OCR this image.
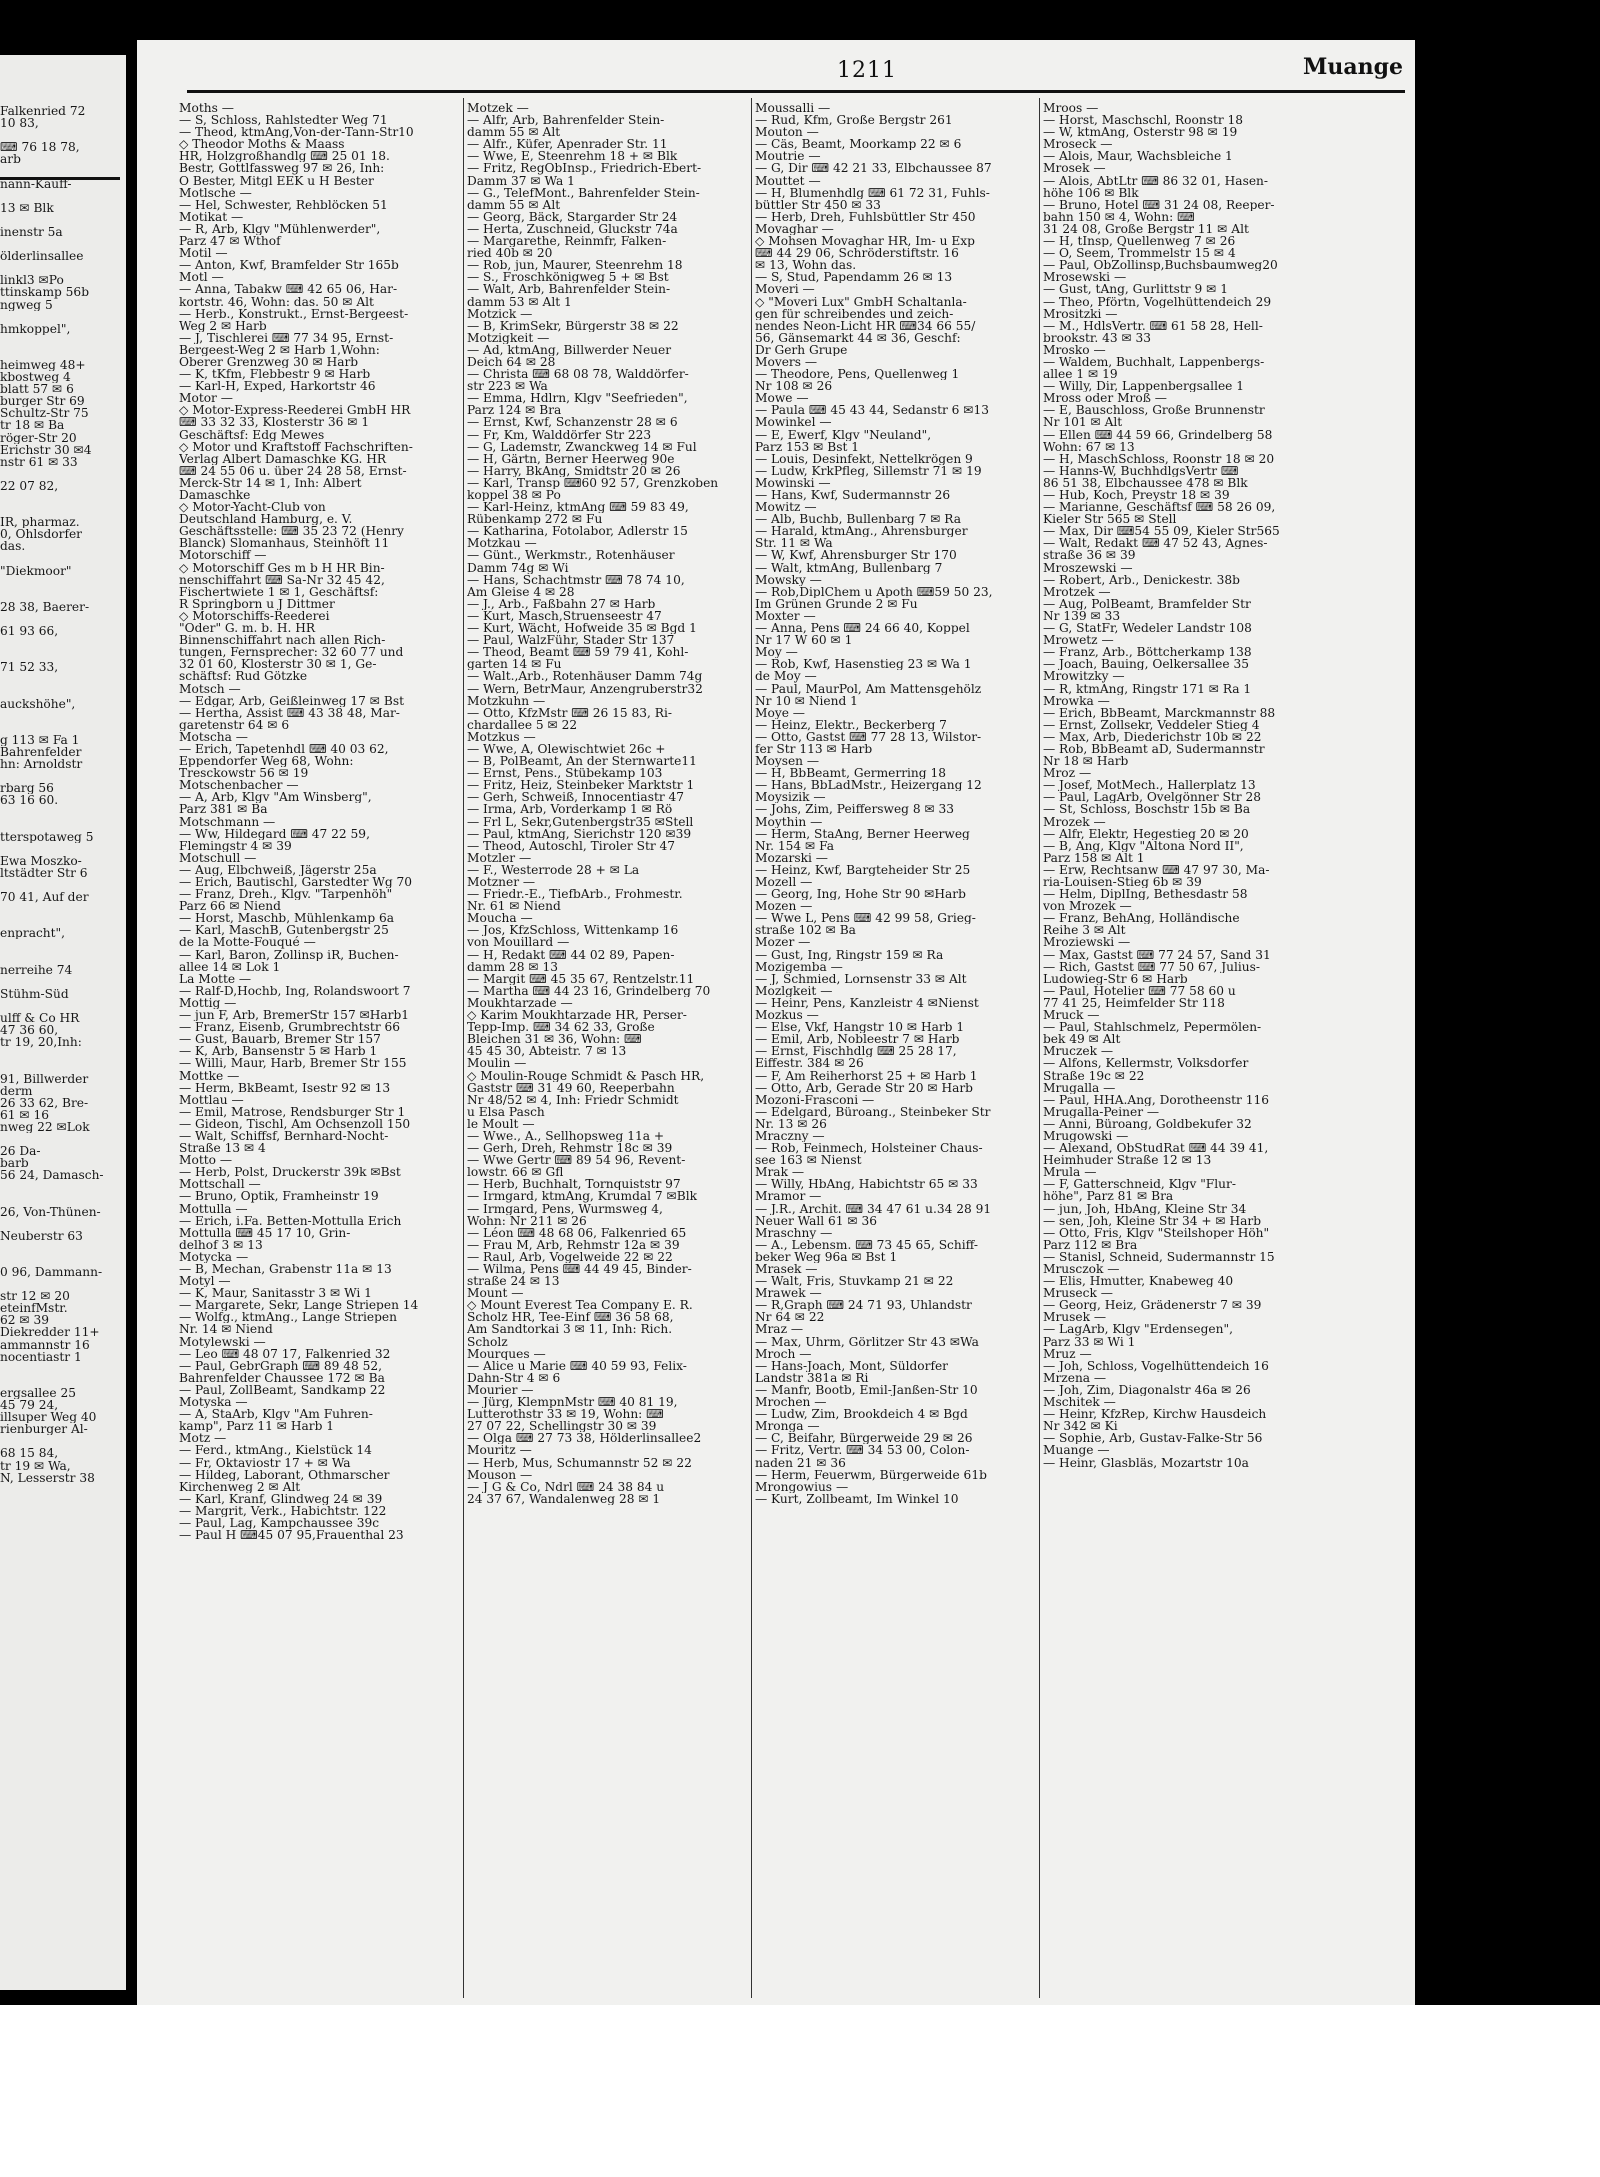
Falkenried 72
10 83,

⌨ 76 18 78,
arb

nann-Kauff-

13 ✉ Blk

inenstr 5a

ölderlinsallee

linkl3 ✉Po
ttinskamp 56b
ngweg 5

hmkoppel",

heimweg 48+
kbostweg 4
blatt 57 ✉ 6
burger Str 69
Schultz-Str 75
tr 18 ✉ Ba
röger-Str 20
Erichstr 30 ✉4
nstr 61 ✉ 33

22 07 82,

IR, pharmaz.
0, Ohlsdorfer
das.

"Diekmoor"

28 38, Baerer-

61 93 66,

71 52 33,

auckshöhe",

g 113 ✉ Fa 1
Bahrenfelder
hn: Arnoldstr

rbarg 56
63 16 60.

tterspotaweg 5

Ewa Moszko-
ltstädter Str 6

70 41, Auf der

enpracht",

nerreihe 74

Stühm-Süd

ulff & Co HR
47 36 60,
tr 19, 20,Inh:

91, Billwerder
derm
26 33 62, Bre-
61 ✉ 16
nweg 22 ✉Lok

26 Da-
barb
56 24, Damasch-

26, Von-Thünen-

Neuberstr 63

0 96, Dammann-

str 12 ✉ 20
eteinfMstr.
62 ✉ 39
Diekredder 11+
ammannstr 16
nocentiastr 1

ergsallee 25
45 79 24,
illsuper Weg 40
rienburger Al-

68 15 84,
tr 19 ✉ Wa,
N, Lesserstr 38
1211	Muange
Moths —
— S, Schloss, Rahlstedter Weg 71
— Theod, ktmAng,Von-der-Tann-Str10
◇ Theodor Moths & Maass
HR, Holzgroßhandlg ⌨ 25 01 18.
Bestr, Gottlfassweg 97 ✉ 26, Inh:
O Bester, Mitgl EEK u H Bester
Motlsche —
— Hel, Schwester, Rehblöcken 51
Motikat —
— R, Arb, Klgv "Mühlenwerder",
Parz 47 ✉ Wthof
Motil —
— Anton, Kwf, Bramfelder Str 165b
Motl —
— Anna, Tabakw ⌨ 42 65 06, Har-
kortstr. 46, Wohn: das. 50 ✉ Alt
— Herb., Konstrukt., Ernst-Bergeest-
Weg 2 ✉ Harb
— J, Tischlerei ⌨ 77 34 95, Ernst-
Bergeest-Weg 2 ✉ Harb 1,Wohn:
Oberer Grenzweg 30 ✉ Harb
— K, tKfm, Flebbestr 9 ✉ Harb
— Karl-H, Exped, Harkortstr 46
Motor —
◇ Motor-Express-Reederei GmbH HR
⌨ 33 32 33, Klosterstr 36 ✉ 1
Geschäftsf: Edg Mewes
◇ Motor und Kraftstoff Fachschriften-
Verlag Albert Damaschke KG. HR
⌨ 24 55 06 u. über 24 28 58, Ernst-
Merck-Str 14 ✉ 1, Inh: Albert
Damaschke
◇ Motor-Yacht-Club von
Deutschland Hamburg, e. V.
Geschäftsstelle: ⌨ 35 23 72 (Henry
Blanck) Slomanhaus, Steinhöft 11
Motorschiff —
◇ Motorschiff Ges m b H HR Bin-
nenschiffahrt ⌨ Sa-Nr 32 45 42,
Fischertwiete 1 ✉ 1, Geschäftsf:
R Springborn u J Dittmer
◇ Motorschiffs-Reederei
"Oder" G. m. b. H. HR
Binnenschiffahrt nach allen Rich-
tungen, Fernsprecher: 32 60 77 und
32 01 60, Klosterstr 30 ✉ 1, Ge-
schäftsf: Rud Götzke
Motsch —
— Edgar, Arb, Geißleinweg 17 ✉ Bst
— Hertha, Assist ⌨ 43 38 48, Mar-
garetenstr 64 ✉ 6
Motscha —
— Erich, Tapetenhdl ⌨ 40 03 62,
Eppendorfer Weg 68, Wohn:
Tresckowstr 56 ✉ 19
Motschenbacher —
— A, Arb, Klgv "Am Winsberg",
Parz 381 ✉ Ba
Motschmann —
— Ww, Hildegard ⌨ 47 22 59,
Flemingstr 4 ✉ 39
Motschull —
— Aug, Elbchweiß, Jägerstr 25a
— Erich, Bautischl, Garstedter Wg 70
— Franz, Dreh., Klgv. "Tarpenhöh"
Parz 66 ✉ Niend
— Horst, Maschb, Mühlenkamp 6a
— Karl, MaschB, Gutenbergstr 25
de la Motte-Fouqué —
— Karl, Baron, Zollinsp iR, Buchen-
allee 14 ✉ Lok 1
La Motte —
— Ralf-D,Hochb, Ing, Rolandswoort 7
Mottig —
— jun F, Arb, BremerStr 157 ✉Harb1
— Franz, Eisenb, Grumbrechtstr 66
— Gust, Bauarb, Bremer Str 157
— K, Arb, Bansenstr 5 ✉ Harb 1
— Willi, Maur, Harb, Bremer Str 155
Mottke —
— Herm, BkBeamt, Isestr 92 ✉ 13
Mottlau —
— Emil, Matrose, Rendsburger Str 1
— Gideon, Tischl, Am Ochsenzoll 150
— Walt, Schiffsf, Bernhard-Nocht-
Straße 13 ✉ 4
Motto —
— Herb, Polst, Druckerstr 39k ✉Bst
Mottschall —
— Bruno, Optik, Framheinstr 19
Mottulla —
— Erich, i.Fa. Betten-Mottulla Erich
Mottulla ⌨ 45 17 10, Grin-
delhof 3 ✉ 13
Motycka —
— B, Mechan, Grabenstr 11a ✉ 13
Motyl —
— K, Maur, Sanitasstr 3 ✉ Wi 1
— Margarete, Sekr, Lange Striepen 14
— Wolfg., ktmAng., Lange Striepen
Nr. 14 ✉ Niend
Motylewski —
— Leo ⌨ 48 07 17, Falkenried 32
— Paul, GebrGraph ⌨ 89 48 52,
Bahrenfelder Chaussee 172 ✉ Ba
— Paul, ZollBeamt, Sandkamp 22
Motyska —
— A, StaArb, Klgv "Am Fuhren-
kamp", Parz 11 ✉ Harb 1
Motz —
— Ferd., ktmAng., Kielstück 14
— Fr, Oktaviostr 17 + ✉ Wa
— Hildeg, Laborant, Othmarscher
Kirchenweg 2 ✉ Alt
— Karl, Kranf, Glindweg 24 ✉ 39
— Margrit, Verk., Habichtstr. 122
— Paul, Lag, Kampchaussee 39c
— Paul H ⌨45 07 95,Frauenthal 23
Motzek —
— Alfr, Arb, Bahrenfelder Stein-
damm 55 ✉ Alt
— Alfr., Küfer, Apenrader Str. 11
— Wwe, E, Steenrehm 18 + ✉ Blk
— Fritz, RegObInsp., Friedrich-Ebert-
Damm 37 ✉ Wa 1
— G., TelefMont., Bahrenfelder Stein-
damm 55 ✉ Alt
— Georg, Bäck, Stargarder Str 24
— Herta, Zuschneid, Gluckstr 74a
— Margarethe, Reinmfr, Falken-
ried 40b ✉ 20
— Rob, jun, Maurer, Steenrehm 18
— S., Froschkönigweg 5 + ✉ Bst
— Walt, Arb, Bahrenfelder Stein-
damm 53 ✉ Alt 1
Motzick —
— B, KrimSekr, Bürgerstr 38 ✉ 22
Motzigkeit —
— Ad, ktmAng, Billwerder Neuer
Deich 64 ✉ 28
— Christa ⌨ 68 08 78, Walddörfer-
str 223 ✉ Wa
— Emma, Hdlrn, Klgv "Seefrieden",
Parz 124 ✉ Bra
— Ernst, Kwf, Schanzenstr 28 ✉ 6
— Fr, Km, Walddörfer Str 223
— G, Lademstr, Zwanckweg 14 ✉ Ful
— H, Gärtn, Berner Heerweg 90e
— Harry, BkAng, Smidtstr 20 ✉ 26
— Karl, Transp ⌨60 92 57, Grenzkoben
koppel 38 ✉ Po
— Karl-Heinz, ktmAng ⌨ 59 83 49,
Rübenkamp 272 ✉ Fu
— Katharina, Fotolabor, Adlerstr 15
Motzkau —
— Günt., Werkmstr., Rotenhäuser
Damm 74g ✉ Wi
— Hans, Schachtmstr ⌨ 78 74 10,
Am Gleise 4 ✉ 28
— J., Arb., Faßbahn 27 ✉ Harb
— Kurt, Masch,Struenseestr 47
— Kurt, Wächt, Hofweide 35 ✉ Bgd 1
— Paul, WalzFühr, Stader Str 137
— Theod, Beamt ⌨ 59 79 41, Kohl-
garten 14 ✉ Fu
— Walt.,Arb., Rotenhäuser Damm 74g
— Wern, BetrMaur, Anzengruberstr32
Motzkuhn —
— Otto, KfzMstr ⌨ 26 15 83, Ri-
chardallee 5 ✉ 22
Motzkus —
— Wwe, A, Olewischtwiet 26c +
— B, PolBeamt, An der Sternwarte11
— Ernst, Pens., Stübekamp 103
— Fritz, Heiz, Steinbeker Marktstr 1
— Gerh, Schweiß, Innocentiastr 47
— Irma, Arb, Vorderkamp 1 ✉ Rö
— Frl L, Sekr,Gutenbergstr35 ✉Stell
— Paul, ktmAng, Sierichstr 120 ✉39
— Theod, Autoschl, Tiroler Str 47
Motzler —
— F., Westerrode 28 + ✉ La
Motzner —
— Friedr.-E., TiefbArb., Frohmestr.
Nr. 61 ✉ Niend
Moucha —
— Jos, KfzSchloss, Wittenkamp 16
von Mouillard —
— H, Redakt ⌨ 44 02 89, Papen-
damm 28 ✉ 13
— Margit ⌨ 45 35 67, Rentzelstr.11
— Martha ⌨ 44 23 16, Grindelberg 70
Moukhtarzade —
◇ Karim Moukhtarzade HR, Perser-
Tepp-Imp. ⌨ 34 62 33, Große
Bleichen 31 ✉ 36, Wohn: ⌨
45 45 30, Abteistr. 7 ✉ 13
Moulin —
◇ Moulin-Rouge Schmidt & Pasch HR,
Gaststr ⌨ 31 49 60, Reeperbahn
Nr 48/52 ✉ 4, Inh: Friedr Schmidt
u Elsa Pasch
le Moult —
— Wwe., A., Sellhopsweg 11a +
— Gerh, Dreh, Rehmstr 18c ✉ 39
— Wwe Gertr ⌨ 89 54 96, Revent-
lowstr. 66 ✉ Gfl
— Herb, Buchhalt, Tornquiststr 97
— Irmgard, ktmAng, Krumdal 7 ✉Blk
— Irmgard, Pens, Wurmsweg 4,
Wohn: Nr 211 ✉ 26
— Léon ⌨ 48 68 06, Falkenried 65
— Frau M, Arb, Rehmstr 12a ✉ 39
— Raul, Arb, Vogelweide 22 ✉ 22
— Wilma, Pens ⌨ 44 49 45, Binder-
straße 24 ✉ 13
Mount —
◇ Mount Everest Tea Company E. R.
Scholz HR, Tee-Einf ⌨ 36 58 68,
Am Sandtorkai 3 ✉ 11, Inh: Rich.
Scholz
Mourques —
— Alice u Marie ⌨ 40 59 93, Felix-
Dahn-Str 4 ✉ 6
Mourier —
— Jürg, KlempnMstr ⌨ 40 81 19,
Lutterothstr 33 ✉ 19, Wohn: ⌨
27 07 22, Schellingstr 30 ✉ 39
— Olga ⌨ 27 73 38, Hölderlinsallee2
Mouritz —
— Herb, Mus, Schumannstr 52 ✉ 22
Mouson —
— J G & Co, Ndrl ⌨ 24 38 84 u
24 37 67, Wandalenweg 28 ✉ 1
Moussalli —
— Rud, Kfm, Große Bergstr 261
Mouton —
— Cäs, Beamt, Moorkamp 22 ✉ 6
Moutrie —
— G, Dir ⌨ 42 21 33, Elbchaussee 87
Mouttet —
— H, Blumenhdlg ⌨ 61 72 31, Fuhls-
büttler Str 450 ✉ 33
— Herb, Dreh, Fuhlsbüttler Str 450
Movaghar —
◇ Mohsen Movaghar HR, Im- u Exp
⌨ 44 29 06, Schröderstiftstr. 16
✉ 13, Wohn das.
— S, Stud, Papendamm 26 ✉ 13
Moveri —
◇ "Moveri Lux" GmbH Schaltanla-
gen für schreibendes und zeich-
nendes Neon-Licht HR ⌨34 66 55/
56, Gänsemarkt 44 ✉ 36, Geschf:
Dr Gerh Grupe
Movers —
— Theodore, Pens, Quellenweg 1
Nr 108 ✉ 26
Mowe —
— Paula ⌨ 45 43 44, Sedanstr 6 ✉13
Mowinkel —
— E, Ewerf, Klgv "Neuland",
Parz 153 ✉ Bst 1
— Louis, Desinfekt, Nettelkrögen 9
— Ludw, KrkPfleg, Sillemstr 71 ✉ 19
Mowinski —
— Hans, Kwf, Sudermannstr 26
Mowitz —
— Alb, Buchb, Bullenbarg 7 ✉ Ra
— Harald, ktmAng., Ahrensburger
Str. 11 ✉ Wa
— W, Kwf, Ahrensburger Str 170
— Walt, ktmAng, Bullenbarg 7
Mowsky —
— Rob,DiplChem u Apoth ⌨59 50 23,
Im Grünen Grunde 2 ✉ Fu
Moxter —
— Anna, Pens ⌨ 24 66 40, Koppel
Nr 17 W 60 ✉ 1
Moy —
— Rob, Kwf, Hasenstieg 23 ✉ Wa 1
de Moy —
— Paul, MaurPol, Am Mattensgehölz
Nr 10 ✉ Niend 1
Moye —
— Heinz, Elektr., Beckerberg 7
— Otto, Gastst ⌨ 77 28 13, Wilstor-
fer Str 113 ✉ Harb
Moysen —
— H, BbBeamt, Germerring 18
— Hans, BbLadMstr., Heizergang 12
Moysizik —
— Johs, Zim, Peiffersweg 8 ✉ 33
Moythin —
— Herm, StaAng, Berner Heerweg
Nr. 154 ✉ Fa
Mozarski —
— Heinz, Kwf, Bargteheider Str 25
Mozell —
— Georg, Ing, Hohe Str 90 ✉Harb
Mozen —
— Wwe L, Pens ⌨ 42 99 58, Grieg-
straße 102 ✉ Ba
Mozer —
— Gust, Ing, Ringstr 159 ✉ Ra
Mozigemba —
— J, Schmied, Lornsenstr 33 ✉ Alt
Mozlgkeit —
— Heinr, Pens, Kanzleistr 4 ✉Nienst
Mozkus —
— Else, Vkf, Hangstr 10 ✉ Harb 1
— Emil, Arb, Nobleestr 7 ✉ Harb
— Ernst, Fischhdlg ⌨ 25 28 17,
Eiffestr. 384 ✉ 26
— F, Am Reiherhorst 25 + ✉ Harb 1
— Otto, Arb, Gerade Str 20 ✉ Harb
Mozoni-Frasconi —
— Edelgard, Büroang., Steinbeker Str
Nr. 13 ✉ 26
Mraczny —
— Rob, Feinmech, Holsteiner Chaus-
see 163 ✉ Nienst
Mrak —
— Willy, HbAng, Habichtstr 65 ✉ 33
Mramor —
— J.R., Archit. ⌨ 34 47 61 u.34 28 91
Neuer Wall 61 ✉ 36
Mraschny —
— A., Lebensm. ⌨ 73 45 65, Schiff-
beker Weg 96a ✉ Bst 1
Mrasek —
— Walt, Fris, Stuvkamp 21 ✉ 22
Mrawek —
— R,Graph ⌨ 24 71 93, Uhlandstr
Nr 64 ✉ 22
Mraz —
— Max, Uhrm, Görlitzer Str 43 ✉Wa
Mroch —
— Hans-Joach, Mont, Süldorfer
Landstr 381a ✉ Ri
— Manfr, Bootb, Emil-Janßen-Str 10
Mrochen —
— Ludw, Zim, Brookdeich 4 ✉ Bgd
Mronga —
— C, Beifahr, Bürgerweide 29 ✉ 26
— Fritz, Vertr. ⌨ 34 53 00, Colon-
naden 21 ✉ 36
— Herm, Feuerwm, Bürgerweide 61b
Mrongowius —
— Kurt, Zollbeamt, Im Winkel 10
Mroos —
— Horst, Maschschl, Roonstr 18
— W, ktmAng, Osterstr 98 ✉ 19
Mroseck —
— Alois, Maur, Wachsbleiche 1
Mrosek —
— Alois, AbtLtr ⌨ 86 32 01, Hasen-
höhe 106 ✉ Blk
— Bruno, Hotel ⌨ 31 24 08, Reeper-
bahn 150 ✉ 4, Wohn: ⌨
31 24 08, Große Bergstr 11 ✉ Alt
— H, tInsp, Quellenweg 7 ✉ 26
— O, Seem, Trommelstr 15 ✉ 4
— Paul, ObZollinsp,Buchsbaumweg20
Mrosewski —
— Gust, tAng, Gurlittstr 9 ✉ 1
— Theo, Pförtn, Vogelhüttendeich 29
Mrositzki —
— M., HdlsVertr. ⌨ 61 58 28, Hell-
brookstr. 43 ✉ 33
Mrosko —
— Waldem, Buchhalt, Lappenbergs-
allee 1 ✉ 19
— Willy, Dir, Lappenbergsallee 1
Mross oder Mroß —
— E, Bauschloss, Große Brunnenstr
Nr 101 ✉ Alt
— Ellen ⌨ 44 59 66, Grindelberg 58
Wohn: 67 ✉ 13
— H, MaschSchloss, Roonstr 18 ✉ 20
— Hanns-W, BuchhdlgsVertr ⌨
86 51 38, Elbchaussee 478 ✉ Blk
— Hub, Koch, Preystr 18 ✉ 39
— Marianne, Geschäftsf ⌨ 58 26 09,
Kieler Str 565 ✉ Stell
— Max, Dir ⌨54 55 09, Kieler Str565
— Walt, Redakt ⌨ 47 52 43, Agnes-
straße 36 ✉ 39
Mroszewski —
— Robert, Arb., Denickestr. 38b
Mrotzek —
— Aug, PolBeamt, Bramfelder Str
Nr 139 ✉ 33
— G, StatFr, Wedeler Landstr 108
Mrowetz —
— Franz, Arb., Böttcherkamp 138
— Joach, Bauing, Oelkersallee 35
Mrowitzky —
— R, ktmAng, Ringstr 171 ✉ Ra 1
Mrowka —
— Erich, BbBeamt, Marckmannstr 88
— Ernst, Zollsekr, Veddeler Stieg 4
— Max, Arb, Diederichstr 10b ✉ 22
— Rob, BbBeamt aD, Sudermannstr
Nr 18 ✉ Harb
Mroz —
— Josef, MotMech., Hallerplatz 13
— Paul, LagArb, Ovelgönner Str 28
— St, Schloss, Boschstr 15b ✉ Ba
Mrozek —
— Alfr, Elektr, Hegestieg 20 ✉ 20
— B, Ang, Klgv "Altona Nord II",
Parz 158 ✉ Alt 1
— Erw, Rechtsanw ⌨ 47 97 30, Ma-
ria-Louisen-Stieg 6b ✉ 39
— Helm, Diplİng, Bethesdastr 58
von Mrozek —
— Franz, BehAng, Holländische
Reihe 3 ✉ Alt
Mroziewski —
— Max, Gastst ⌨ 77 24 57, Sand 31
— Rich, Gastst ⌨ 77 50 67, Julius-
Ludowieg-Str 6 ✉ Harb
— Paul, Hotelier ⌨ 77 58 60 u
77 41 25, Heimfelder Str 118
Mruck —
— Paul, Stahlschmelz, Pepermölen-
bek 49 ✉ Alt
Mruczek —
— Alfons, Kellermstr, Volksdorfer
Straße 19c ✉ 22
Mrugalla —
— Paul, HHA.Ang, Dorotheenstr 116
Mrugalla-Peiner —
— Anni, Büroang, Goldbekufer 32
Mrugowski —
— Alexand, ObStudRat ⌨ 44 39 41,
Heimhuder Straße 12 ✉ 13
Mrula —
— F, Gatterschneid, Klgv "Flur-
höhe", Parz 81 ✉ Bra
— jun, Joh, HbAng, Kleine Str 34
— sen, Joh, Kleine Str 34 + ✉ Harb
— Otto, Fris, Klgv "Steilshoper Höh"
Parz 112 ✉ Bra
— Stanisl, Schneid, Sudermannstr 15
Mrusczok —
— Elis, Hmutter, Knabeweg 40
Mruseck —
— Georg, Heiz, Grädenerstr 7 ✉ 39
Mrusek —
— LagArb, Klgv "Erdensegen",
Parz 33 ✉ Wi 1
Mruz —
— Joh, Schloss, Vogelhüttendeich 16
Mrzena —
— Joh, Zim, Diagonalstr 46a ✉ 26
Mschitek —
— Heinr, KfzRep, Kirchw Hausdeich
Nr 342 ✉ Ki
— Sophie, Arb, Gustav-Falke-Str 56
Muange —
— Heinr, Glasbläs, Mozartstr 10a
